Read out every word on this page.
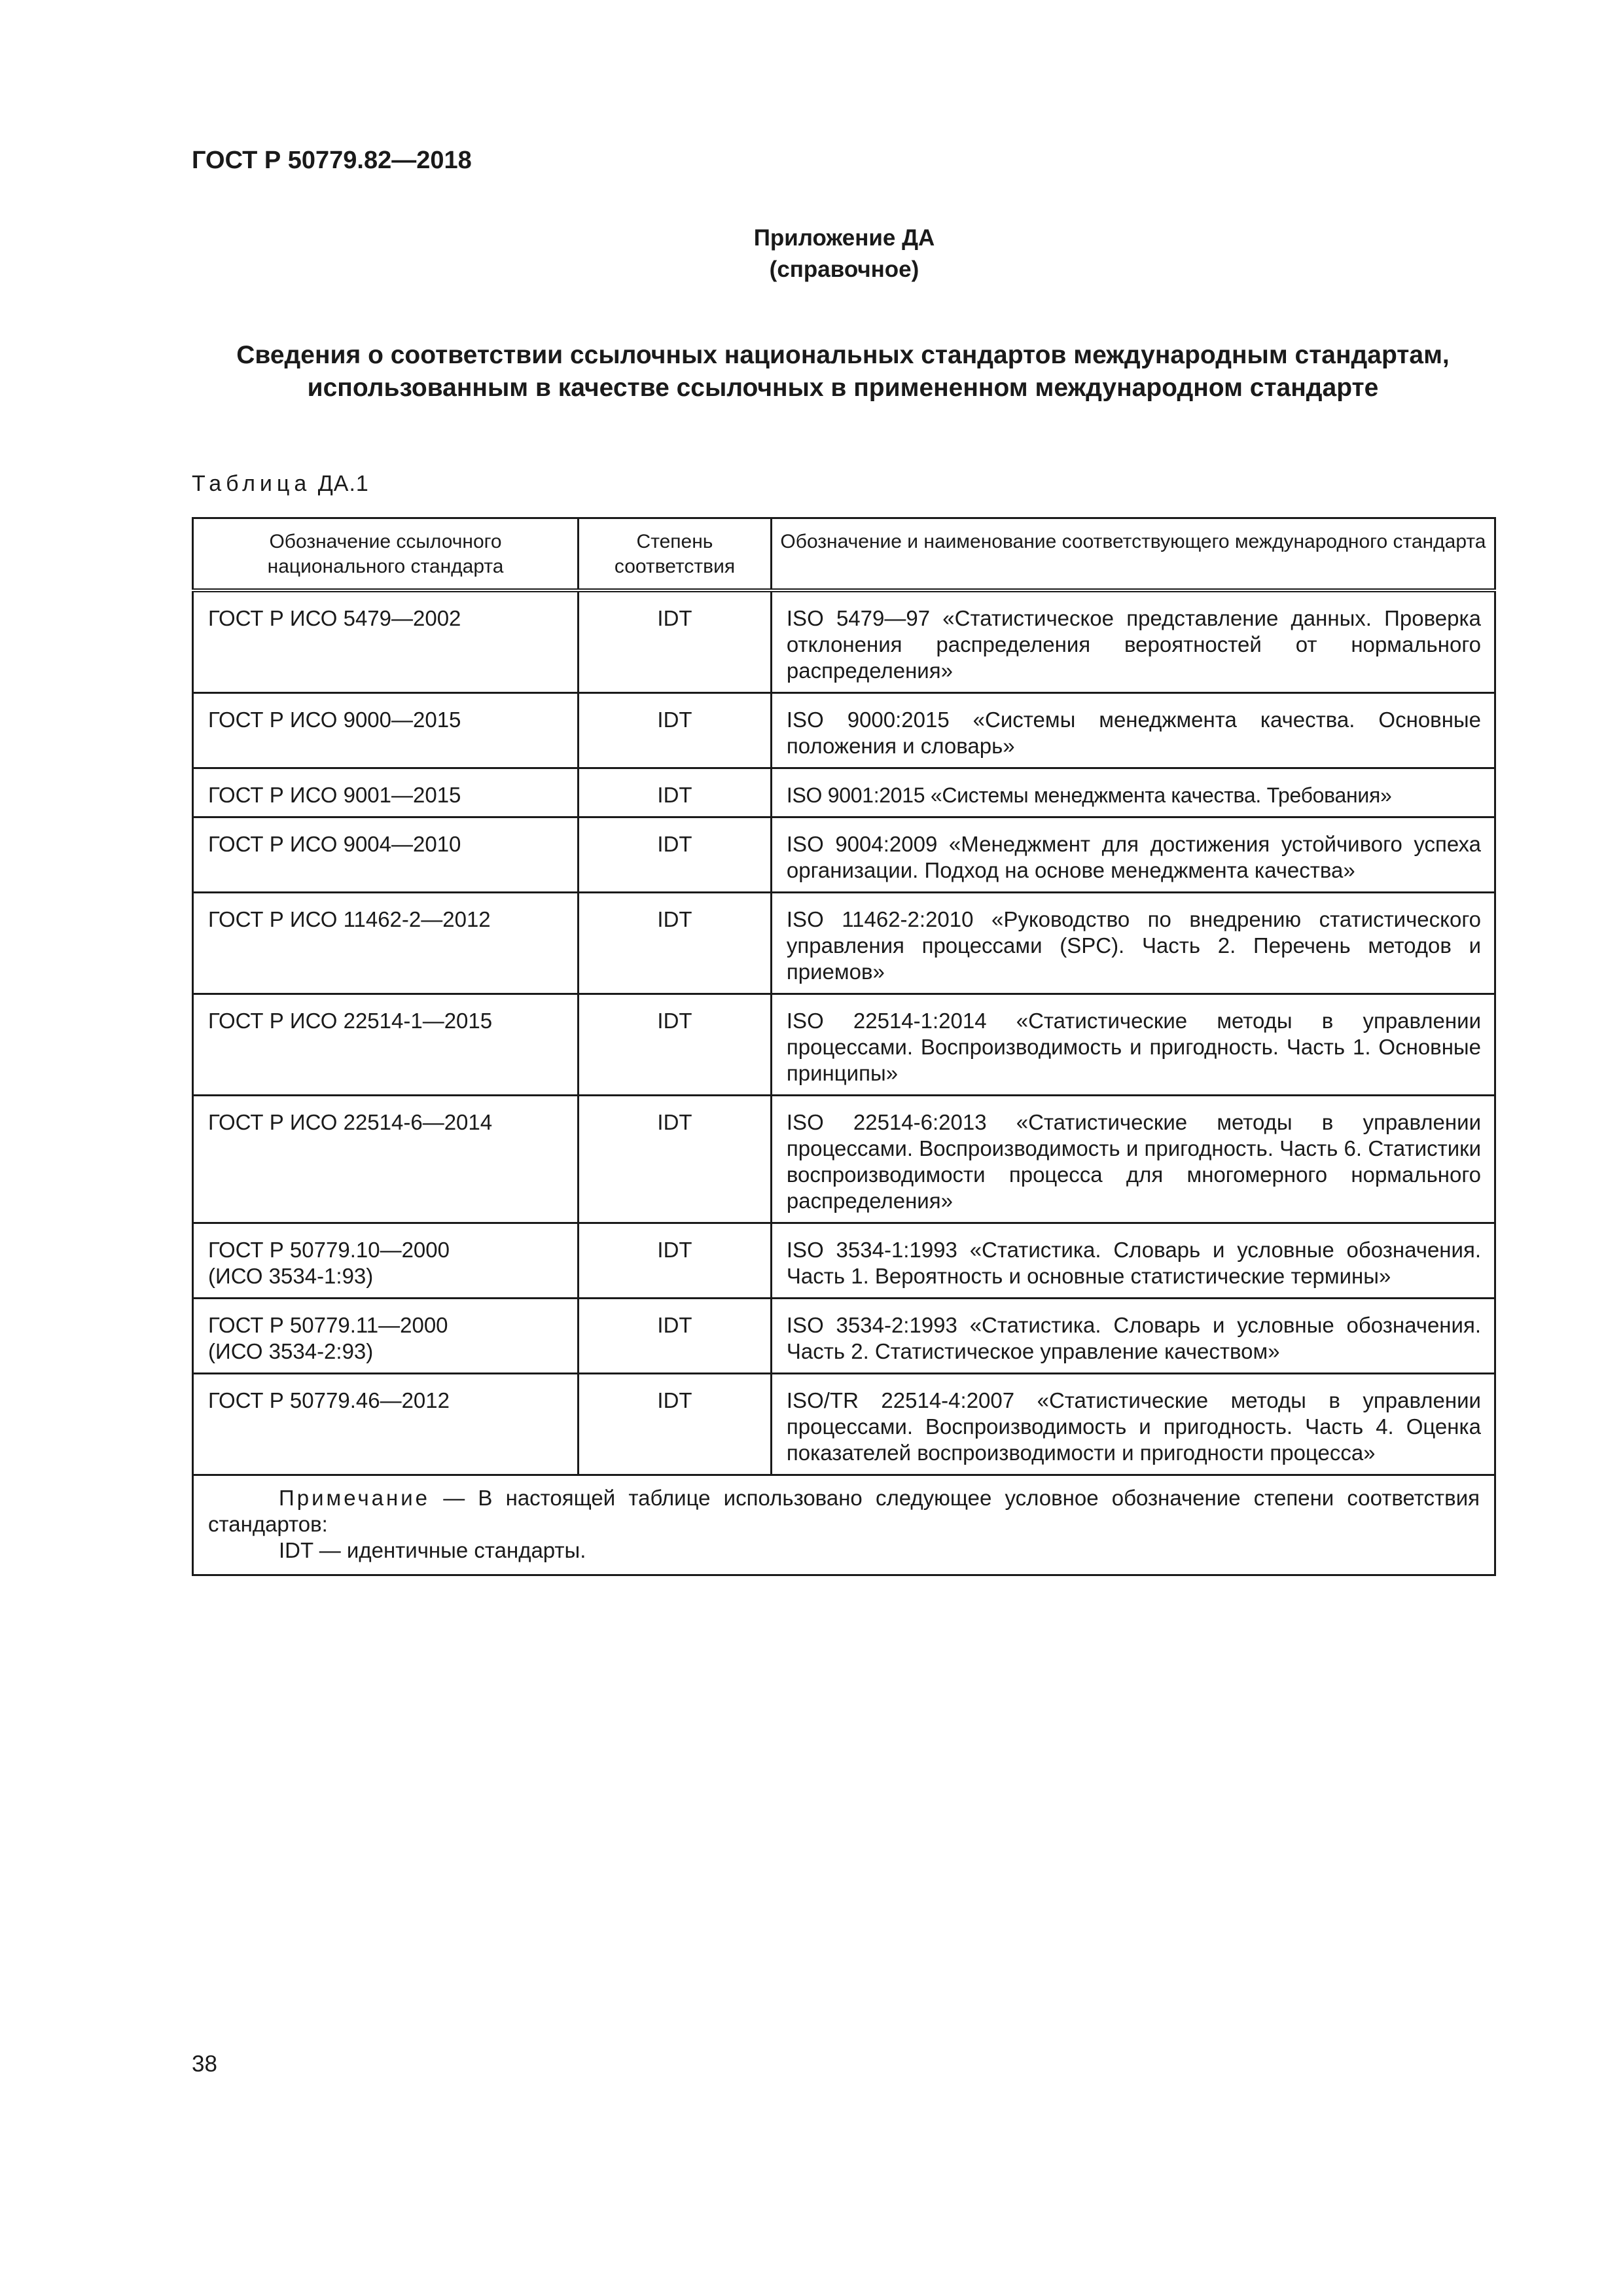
ГОСТ Р 50779.82—2018
Приложение ДА
(справочное)
Сведения о соответствии ссылочных национальных стандартов международным стандартам,
использованным в качестве ссылочных в примененном международном стандарте
Таблица ДА.1
Обозначение ссылочного национального стандарта	Степень соответствия	Обозначение и наименование соответствующего международного стандарта
ГОСТ Р ИСО 5479—2002	IDT	ISO 5479—97 «Статистическое представление данных. Проверка отклонения распределения вероятностей от нормального распределения»
ГОСТ Р ИСО 9000—2015	IDT	ISO 9000:2015 «Системы менеджмента качества. Основные положения и словарь»
ГОСТ Р ИСО 9001—2015	IDT	ISO 9001:2015 «Системы менеджмента качества. Требования»
ГОСТ Р ИСО 9004—2010	IDT	ISO 9004:2009 «Менеджмент для достижения устойчивого успеха организации. Подход на основе менеджмента качества»
ГОСТ Р ИСО 11462-2—2012	IDT	ISO 11462-2:2010 «Руководство по внедрению статистического управления процессами (SPC). Часть 2. Перечень методов и приемов»
ГОСТ Р ИСО 22514-1—2015	IDT	ISO 22514-1:2014 «Статистические методы в управлении процессами. Воспроизводимость и пригодность. Часть 1. Основные принципы»
ГОСТ Р ИСО 22514-6—2014	IDT	ISO 22514-6:2013 «Статистические методы в управлении процессами. Воспроизводимость и пригодность. Часть 6. Статистики воспроизводимости процесса для многомерного нормального распределения»

ГОСТ Р 50779.10—2000
(ИСО 3534-1:93)	IDT	ISO 3534-1:1993 «Статистика. Словарь и условные обозначения. Часть 1. Вероятность и основные статистические термины»

ГОСТ Р 50779.11—2000
(ИСО 3534-2:93)	IDT	ISO 3534-2:1993 «Статистика. Словарь и условные обозначения. Часть 2. Статистическое управление качеством»
ГОСТ Р 50779.46—2012	IDT	ISO/TR 22514-4:2007 «Статистические методы в управлении процессами. Воспроизводимость и пригодность. Часть 4. Оценка показателей воспроизводимости и пригодности процесса»

Примечание — В настоящей таблице использовано следующее условное обозначение степени соответствия стандартов:
IDT — идентичные стандарты.		
38
